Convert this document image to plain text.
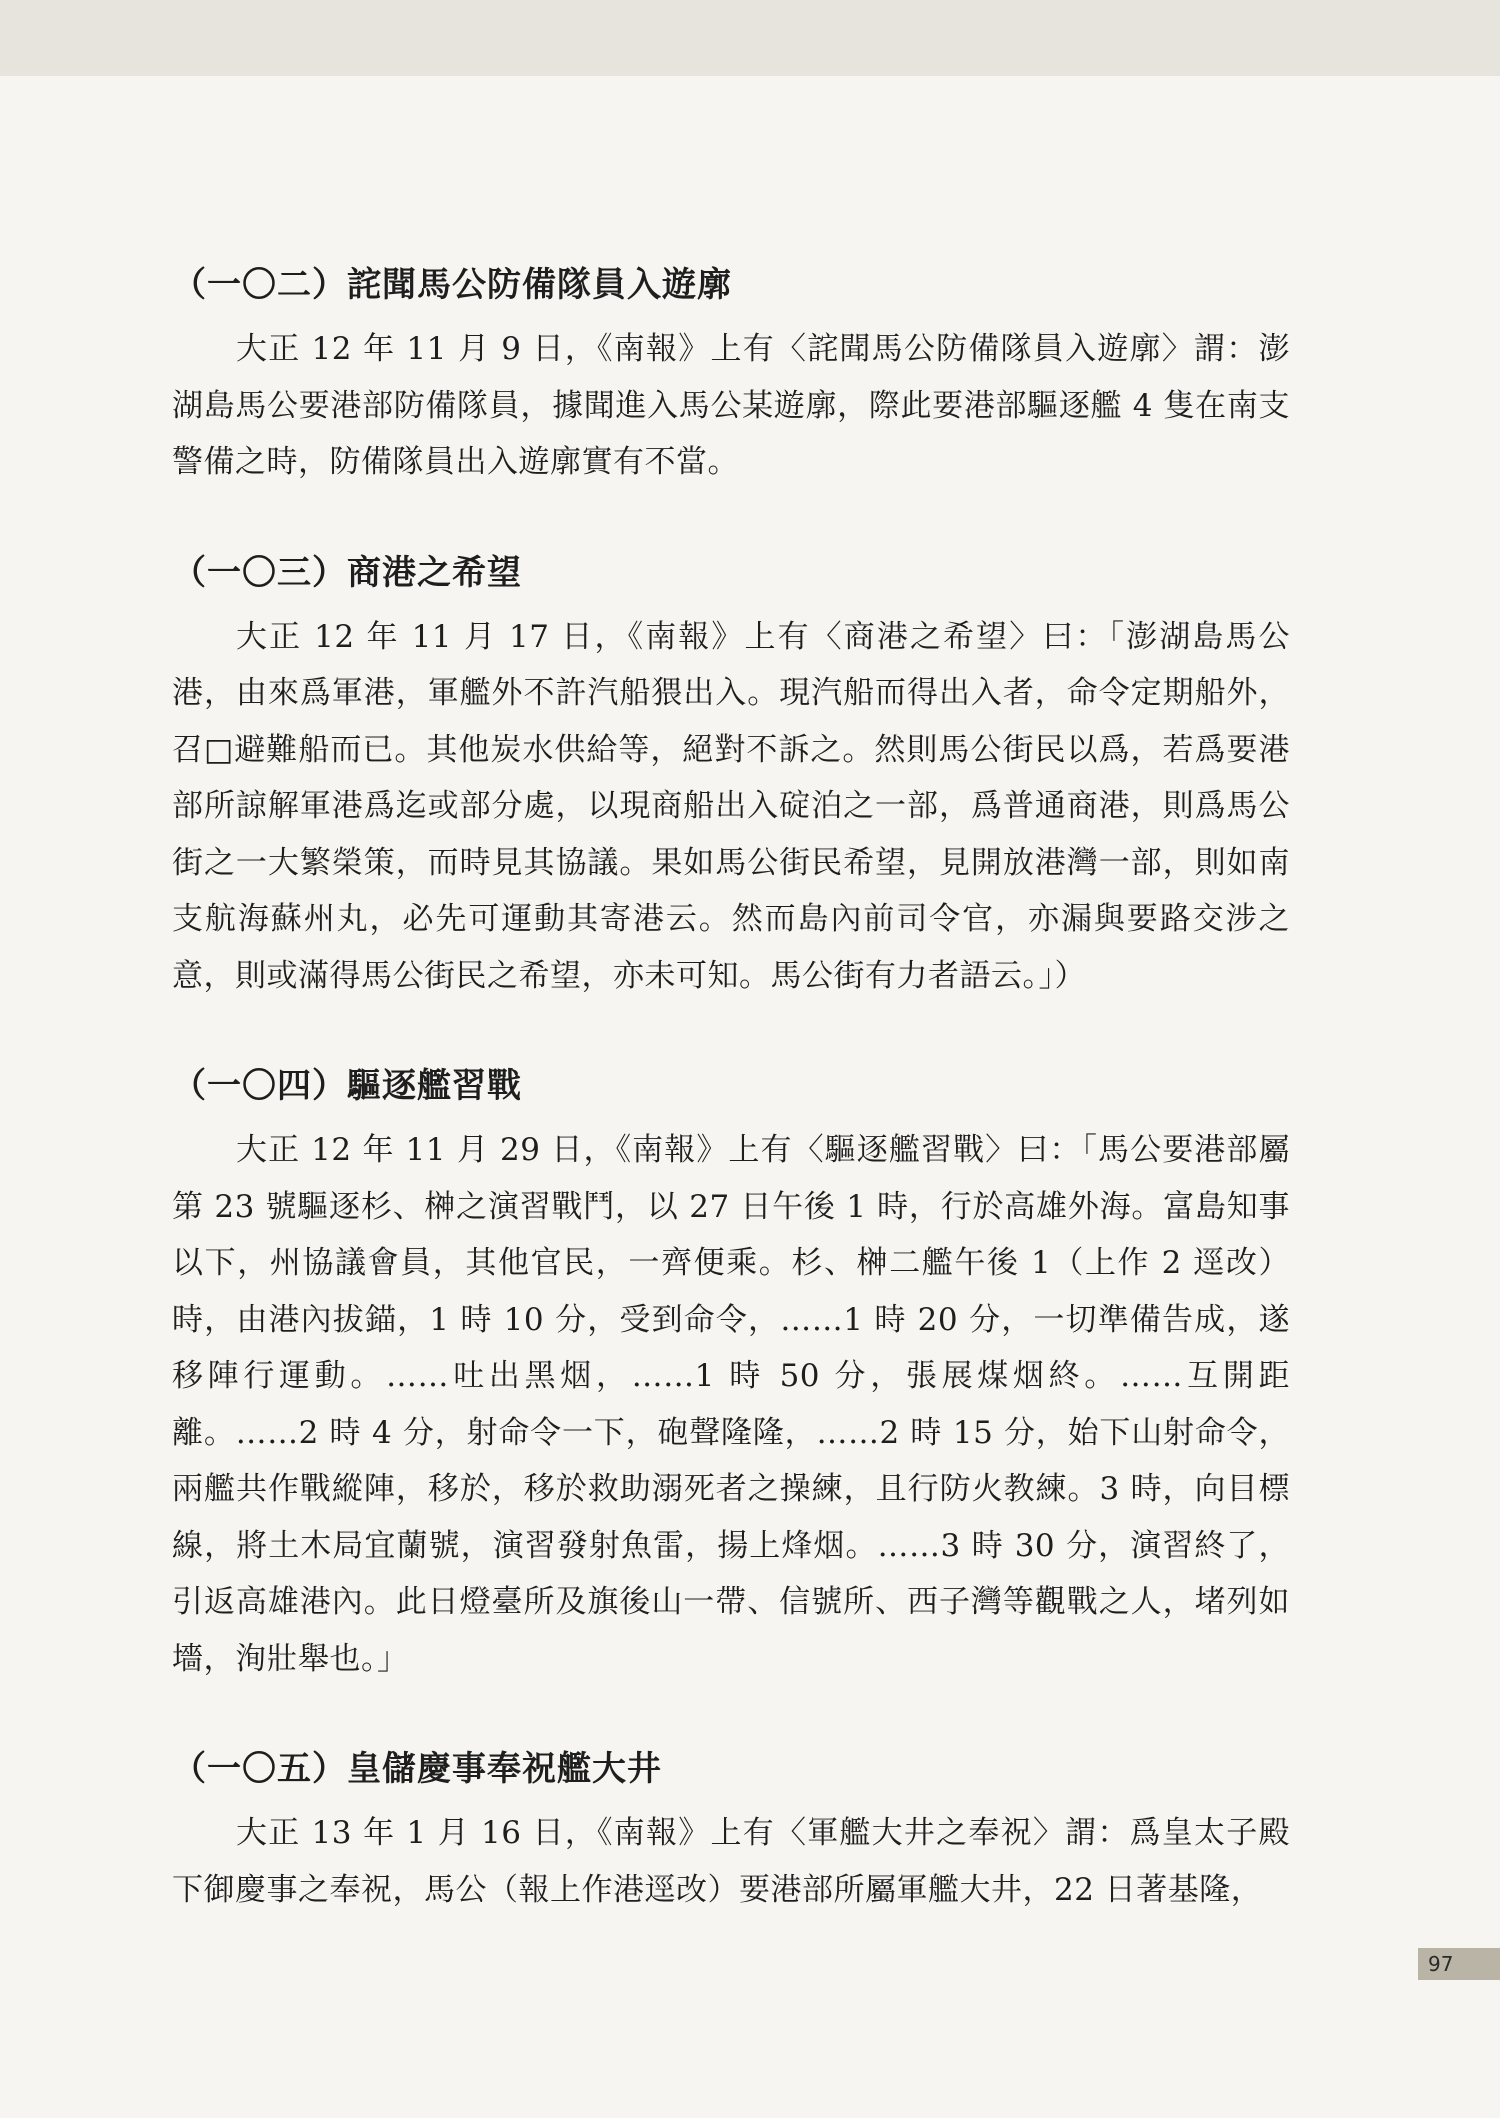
（一〇二）詫聞馬公防備隊員入遊廓

大正 12 年 11 月 9 日，《南報》上有〈詫聞馬公防備隊員入遊廓〉謂：澎湖島馬公要港部防備隊員，據聞進入馬公某遊廓，際此要港部驅逐艦 4 隻在南支警備之時，防備隊員出入遊廓實有不當。

（一〇三）商港之希望

大正 12 年 11 月 17 日，《南報》上有〈商港之希望〉曰：「澎湖島馬公港，由來爲軍港，軍艦外不許汽船猥出入。現汽船而得出入者，命令定期船外，召□避難船而已。其他炭水供給等，絕對不訴之。然則馬公街民以爲，若爲要港部所諒解軍港爲迄或部分處，以現商船出入碇泊之一部，爲普通商港，則爲馬公街之一大繁榮策，而時見其協議。果如馬公街民希望，見開放港灣一部，則如南支航海蘇州丸，必先可運動其寄港云。然而島內前司令官，亦漏與要路交涉之意，則或滿得馬公街民之希望，亦未可知。馬公街有力者語云。」）

（一〇四）驅逐艦習戰

大正 12 年 11 月 29 日，《南報》上有〈驅逐艦習戰〉曰：「馬公要港部屬第 23 號驅逐杉、榊之演習戰鬥，以 27 日午後 1 時，行於高雄外海。富島知事以下，州協議會員，其他官民，一齊便乘。杉、榊二艦午後 1（上作 2 逕改）時，由港內拔錨，1 時 10 分，受到命令，……1 時 20 分，一切準備告成，遂移陣行運動。……吐出黑烟，……1 時 50 分，張展煤烟終。……互開距離。……2 時 4 分，射命令一下，砲聲隆隆，……2 時 15 分，始下山射命令，兩艦共作戰縱陣，移於，移於救助溺死者之操練，且行防火教練。3 時，向目標線，將土木局宜蘭號，演習發射魚雷，揚上烽烟。……3 時 30 分，演習終了，引返高雄港內。此日燈臺所及旗後山一帶、信號所、西子灣等觀戰之人，堵列如墻，洵壯舉也。」

（一〇五）皇儲慶事奉祝艦大井

大正 13 年 1 月 16 日，《南報》上有〈軍艦大井之奉祝〉謂：爲皇太子殿下御慶事之奉祝，馬公（報上作港逕改）要港部所屬軍艦大井，22 日著基隆，

97
